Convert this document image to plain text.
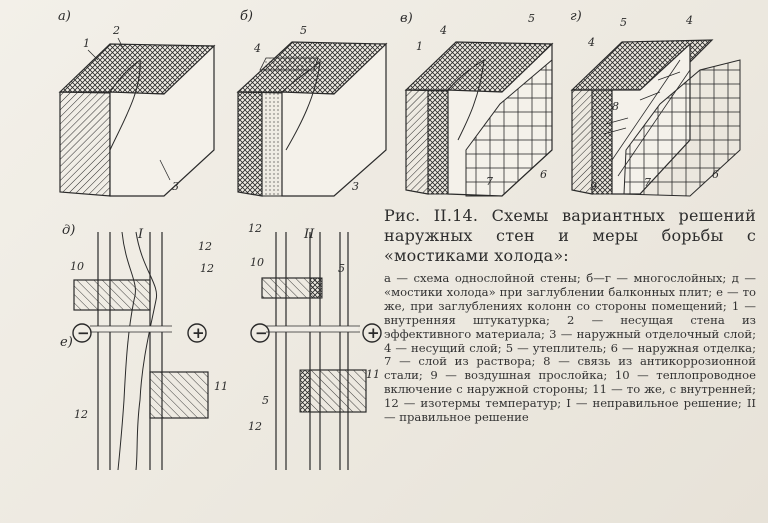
а)
1
2
3
б)
4
5
3
в)
1
4
5
7
6
г)
4
5	4
8
9	7
6
д)
е)
I
−	+
10
12
12
11
12
II
−	+
12
10	5
11
5
12

Рис. II.14. Схемы вариантных решений наружных стен и меры борьбы с «мостиками холода»:

а — схема однослойной стены; б—г — многослойных; д — «мостики холода» при заглублении балконных плит; е — то же, при заглублениях колонн со стороны помещений; 1 — внутренняя штукатурка; 2 — несущая стена из эффективного материала; 3 — наружный отделочный слой; 4 — несущий слой; 5 — утеплитель; 6 — наружная отделка; 7 — слой из раствора; 8 — связь из антикоррозионной стали; 9 — воздушная прослойка; 10 — теплопроводное включение с наружной стороны; 11 — то же, с внутренней; 12 — изотермы температур; I — неправильное решение; II — правильное решение
